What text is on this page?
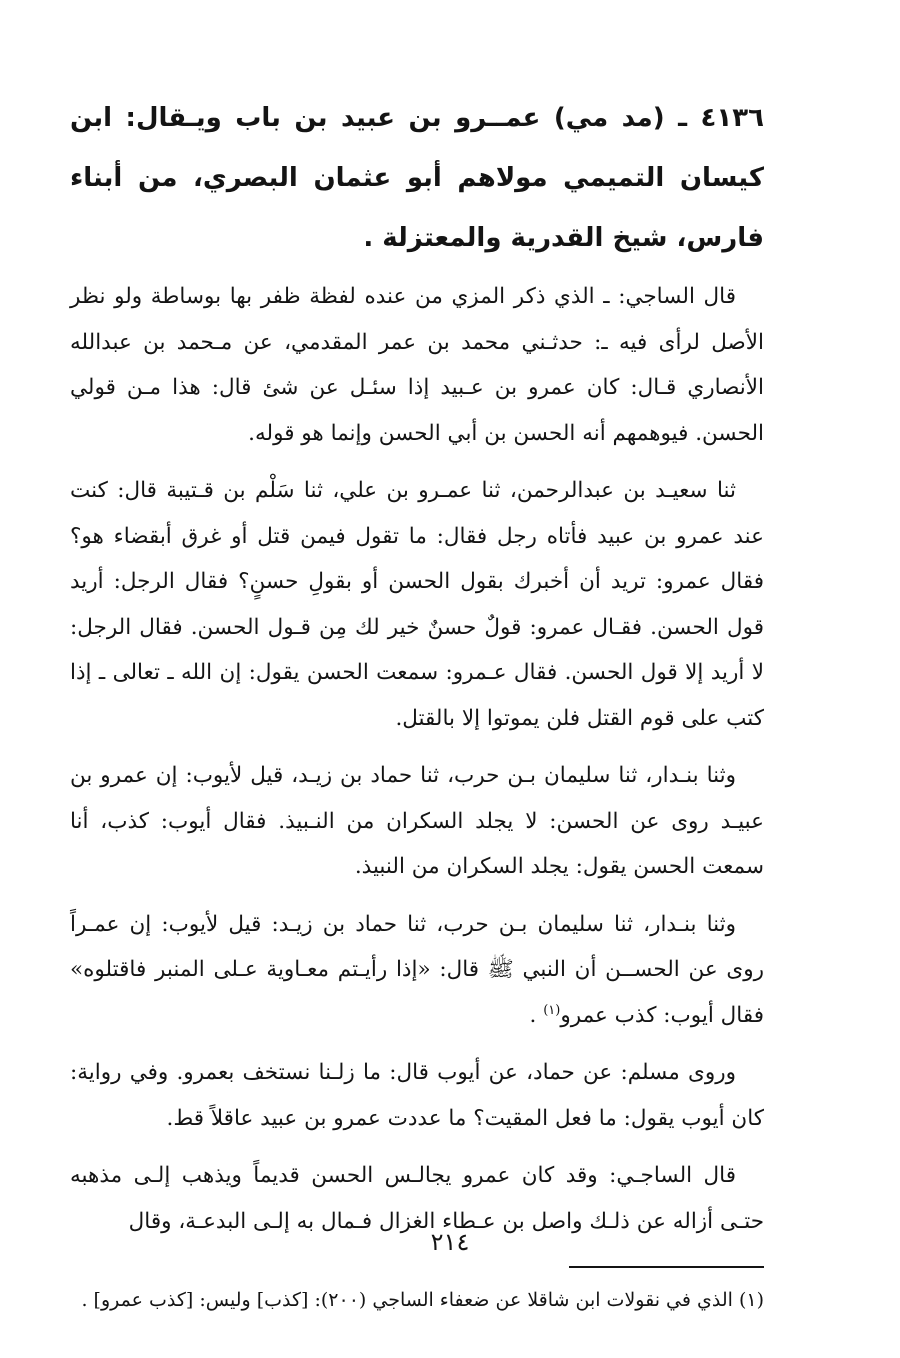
٤١٣٦ ـ (مد مي) عمــرو بن عبيد بن باب ويـقال: ابن كيسان التميمي مولاهم أبو عثمان البصري، من أبناء فارس، شيخ القدرية والمعتزلة .

قال الساجي: ـ الذي ذكر المزي من عنده لفظة ظفر بها بوساطة ولو نظر الأصل لرأى فيه ـ: حدثـني محمد بن عمر المقدمي، عن مـحمد بن عبدالله الأنصاري قـال: كان عمرو بن عـبيد إذا سئـل عن شئ قال: هذا مـن قولي الحسن. فيوهمهم أنه الحسن بن أبي الحسن وإنما هو قوله.

ثنا سعيـد بن عبدالرحمن، ثنا عمـرو بن علي، ثنا سَلْم بن قـتيبة قال: كنت عند عمرو بن عبيد فأتاه رجل فقال: ما تقول فيمن قتل أو غرق أبقضاء هو؟ فقال عمرو: تريد أن أخبرك بقول الحسن أو بقولِ حسنٍ؟ فقال الرجل: أريد قول الحسن. فقـال عمرو: قولٌ حسنٌ خير لك مِن قـول الحسن. فقال الرجل: لا أريد إلا قول الحسن. فقال عـمرو: سمعت الحسن يقول: إن الله ـ تعالى ـ إذا كتب على قوم القتل فلن يموتوا إلا بالقتل.

وثنا بنـدار، ثنا سليمان بـن حرب، ثنا حماد بن زيـد، قيل لأيوب: إن عمرو بن عبيـد روى عن الحسن: لا يجلد السكران من النـبيذ. فقال أيوب: كذب، أنا سمعت الحسن يقول: يجلد السكران من النبيذ.

وثنا بنـدار، ثنا سليمان بـن حرب، ثنا حماد بن زيـد: قيل لأيوب: إن عمـراً روى عن الحســن أن النبي ﷺ قال: «إذا رأيـتم معـاوية عـلى المنبر فاقتلوه» فقال أيوب: كذب عمرو$^{(١)}$ .

وروى مسلم: عن حماد، عن أيوب قال: ما زلـنا نستخف بعمرو. وفي رواية: كان أيوب يقول: ما فعل المقيت؟ ما عددت عمرو بن عبيد عاقلاً قط.

قال الساجـي: وقد كان عمرو يجالـس الحسن قديماً ويذهب إلـى مذهبه حتـى أزاله عن ذلـك واصل بن عـطاء الغزال فـمال به إلـى البدعـة، وقال

(١) الذي في نقولات ابن شاقلا عن ضعفاء الساجي (٢٠٠): [كذب] وليس: [كذب عمرو] .

٢١٤
